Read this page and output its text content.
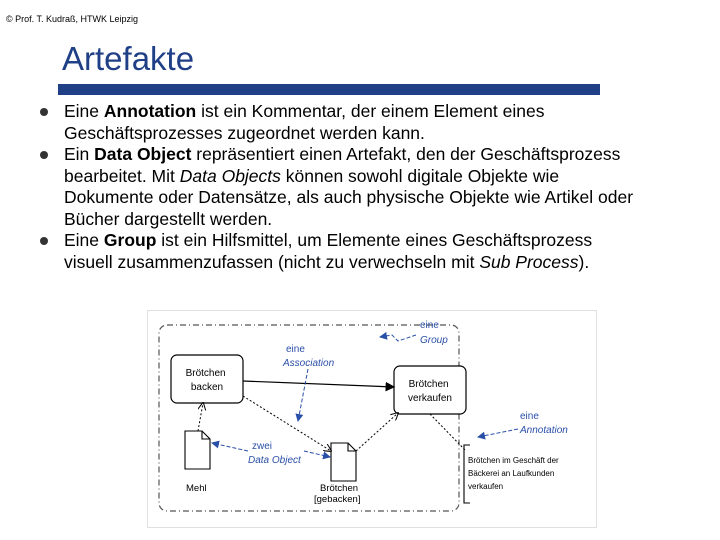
© Prof. T. Kudraß, HTWK Leipzig
Artefakte
Eine Annotation ist ein Kommentar, der einem Element eines Geschäftsprozesses zugeordnet werden kann.
Ein Data Object repräsentiert einen Artefakt, den der Geschäftsprozess bearbeitet. Mit Data Objects können sowohl digitale Objekte wie Dokumente oder Datensätze, als auch physische Objekte wie Artikel oder Bücher dargestellt werden.
Eine Group ist ein Hilfsmittel, um Elemente eines Geschäftsprozess visuell zusammenzufassen (nicht zu verwechseln mit Sub Process).
Brötchen backen	Brötchen verkaufen
Mehl	Brötchen [gebacken]
Brötchen im Geschäft der Bäckerei an Laufkunden verkaufen
eine Group
eine Association
zwei Data Object
eine Annotation
